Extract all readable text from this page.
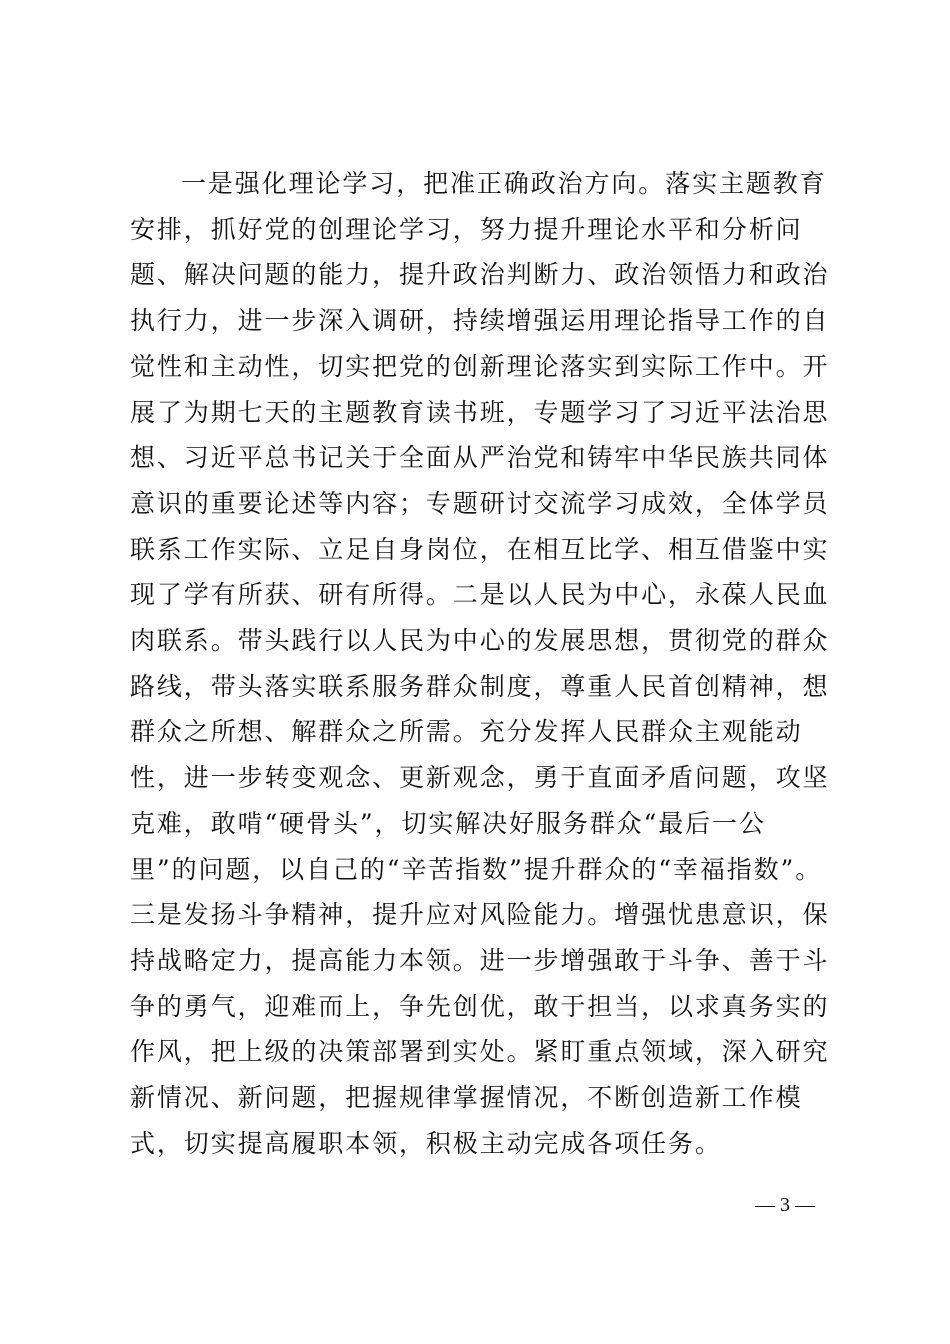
一是强化理论学习，把准正确政治方向。落实主题教育安排，抓好党的创理论学习，努力提升理论水平和分析问题、解决问题的能力，提升政治判断力、政治领悟力和政治执行力，进一步深入调研，持续增强运用理论指导工作的自觉性和主动性，切实把党的创新理论落实到实际工作中。开展了为期七天的主题教育读书班，专题学习了习近平法治思想、习近平总书记关于全面从严治党和铸牢中华民族共同体意识的重要论述等内容；专题研讨交流学习成效，全体学员联系工作实际、立足自身岗位，在相互比学、相互借鉴中实现了学有所获、研有所得。二是以人民为中心，永葆人民血肉联系。带头践行以人民为中心的发展思想，贯彻党的群众路线，带头落实联系服务群众制度，尊重人民首创精神，想群众之所想、解群众之所需。充分发挥人民群众主观能动性，进一步转变观念、更新观念，勇于直面矛盾问题，攻坚克难，敢啃“硬骨头”，切实解决好服务群众“最后一公里”的问题，以自己的“辛苦指数”提升群众的“幸福指数”。三是发扬斗争精神，提升应对风险能力。增强忧患意识，保持战略定力，提高能力本领。进一步增强敢于斗争、善于斗争的勇气，迎难而上，争先创优，敢于担当，以求真务实的作风，把上级的决策部署到实处。紧盯重点领域，深入研究新情况、新问题，把握规律掌握情况，不断创造新工作模式，切实提高履职本领，积极主动完成各项任务。

— 3 —
